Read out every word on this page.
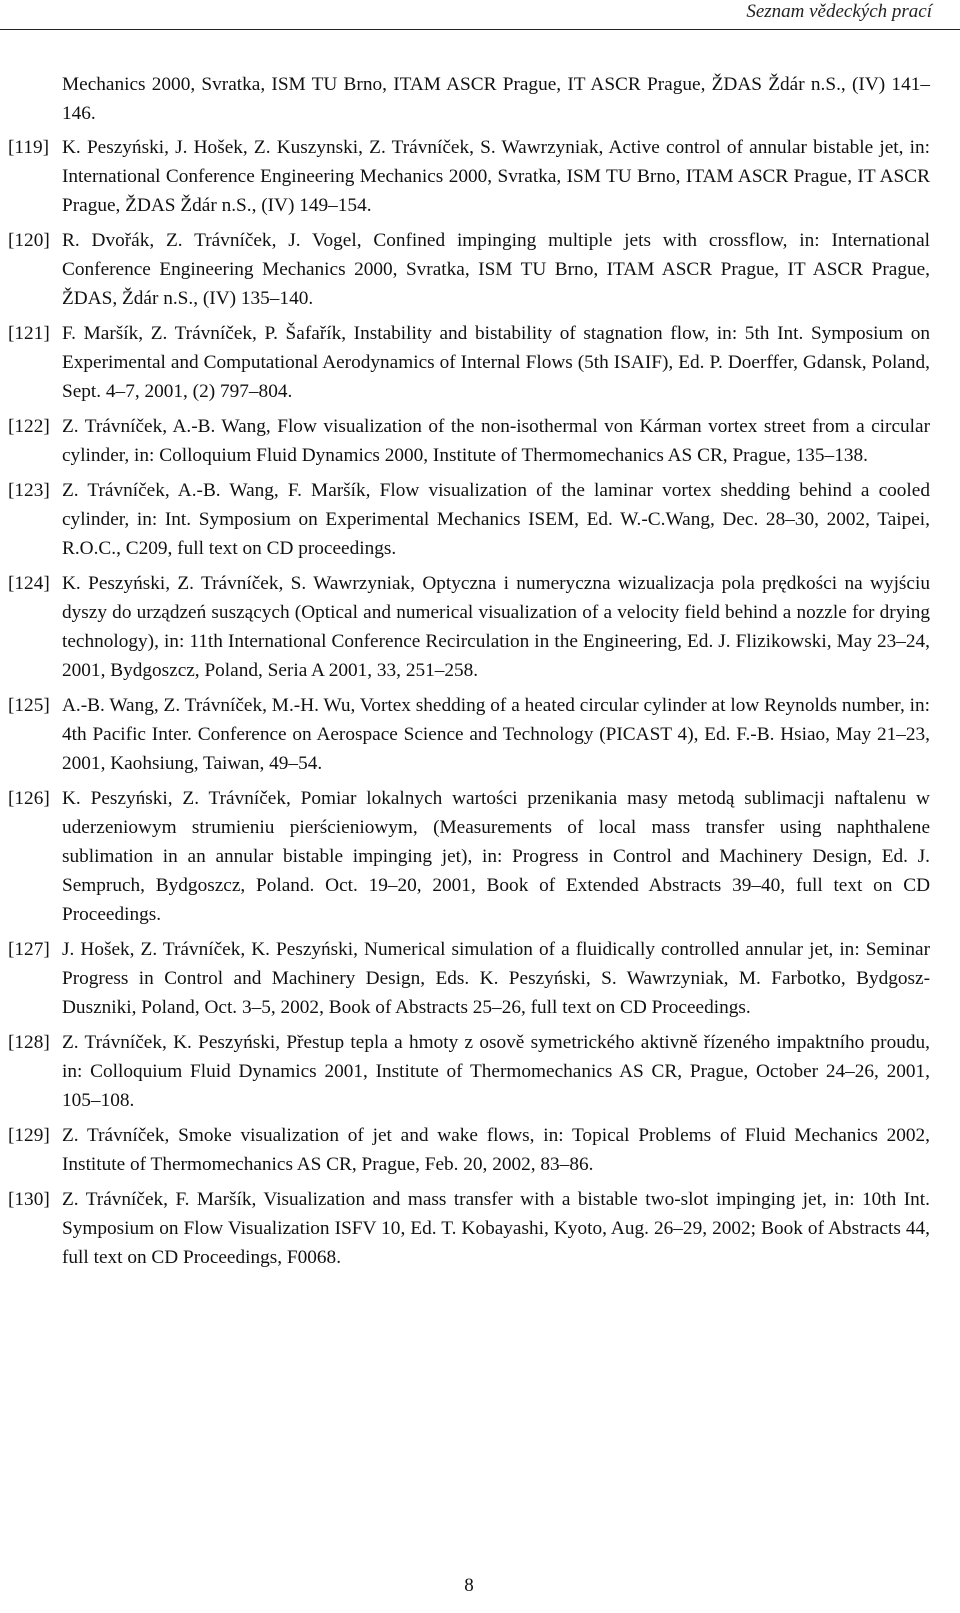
Seznam vědeckých prací
Mechanics 2000, Svratka, ISM TU Brno, ITAM ASCR Prague, IT ASCR Prague, ŽDAS Ždár n.S., (IV) 141–146.
[119] K. Peszyński, J. Hošek, Z. Kuszynski, Z. Trávníček, S. Wawrzyniak, Active control of annular bistable jet, in: International Conference Engineering Mechanics 2000, Svratka, ISM TU Brno, ITAM ASCR Prague, IT ASCR Prague, ŽDAS Ždár n.S., (IV) 149–154.
[120] R. Dvořák, Z. Trávníček, J. Vogel, Confined impinging multiple jets with crossflow, in: International Conference Engineering Mechanics 2000, Svratka, ISM TU Brno, ITAM ASCR Prague, IT ASCR Prague, ŽDAS, Ždár n.S., (IV) 135–140.
[121] F. Maršík, Z. Trávníček, P. Šafařík, Instability and bistability of stagnation flow, in: 5th Int. Symposium on Experimental and Computational Aerodynamics of Internal Flows (5th ISAIF), Ed. P. Doerffer, Gdansk, Poland, Sept. 4–7, 2001, (2) 797–804.
[122] Z. Trávníček, A.-B. Wang, Flow visualization of the non-isothermal von Kárman vortex street from a circular cylinder, in: Colloquium Fluid Dynamics 2000, Institute of Thermomechanics AS CR, Prague, 135–138.
[123] Z. Trávníček, A.-B. Wang, F. Maršík, Flow visualization of the laminar vortex shedding behind a cooled cylinder, in: Int. Symposium on Experimental Mechanics ISEM, Ed. W.-C.Wang, Dec. 28–30, 2002, Taipei, R.O.C., C209, full text on CD proceedings.
[124] K. Peszyński, Z. Trávníček, S. Wawrzyniak, Optyczna i numeryczna wizualizacja pola prędkości na wyjściu dyszy do urządzeń suszących (Optical and numerical visualization of a velocity field behind a nozzle for drying technology), in: 11th International Conference Recirculation in the Engineering, Ed. J. Flizikowski, May 23–24, 2001, Bydgoszcz, Poland, Seria A 2001, 33, 251–258.
[125] A.-B. Wang, Z. Trávníček, M.-H. Wu, Vortex shedding of a heated circular cylinder at low Reynolds number, in: 4th Pacific Inter. Conference on Aerospace Science and Technology (PICAST 4), Ed. F.-B. Hsiao, May 21–23, 2001, Kaohsiung, Taiwan, 49–54.
[126] K. Peszyński, Z. Trávníček, Pomiar lokalnych wartości przenikania masy metodą sublimacji naftalenu w uderzeniowym strumieniu pierścieniowym, (Measurements of local mass transfer using naphthalene sublimation in an annular bistable impinging jet), in: Progress in Control and Machinery Design, Ed. J. Sempruch, Bydgoszcz, Poland. Oct. 19–20, 2001, Book of Extended Abstracts 39–40, full text on CD Proceedings.
[127] J. Hošek, Z. Trávníček, K. Peszyński, Numerical simulation of a fluidically controlled annular jet, in: Seminar Progress in Control and Machinery Design, Eds. K. Peszyński, S. Wawrzyniak, M. Farbotko, Bydgosz-Duszniki, Poland, Oct. 3–5, 2002, Book of Abstracts 25–26, full text on CD Proceedings.
[128] Z. Trávníček, K. Peszyński, Přestup tepla a hmoty z osově symetrického aktivně řízeného impaktního proudu, in: Colloquium Fluid Dynamics 2001, Institute of Thermomechanics AS CR, Prague, October 24–26, 2001, 105–108.
[129] Z. Trávníček, Smoke visualization of jet and wake flows, in: Topical Problems of Fluid Mechanics 2002, Institute of Thermomechanics AS CR, Prague, Feb. 20, 2002, 83–86.
[130] Z. Trávníček, F. Maršík, Visualization and mass transfer with a bistable two-slot impinging jet, in: 10th Int. Symposium on Flow Visualization ISFV 10, Ed. T. Kobayashi, Kyoto, Aug. 26–29, 2002; Book of Abstracts 44, full text on CD Proceedings, F0068.
8
